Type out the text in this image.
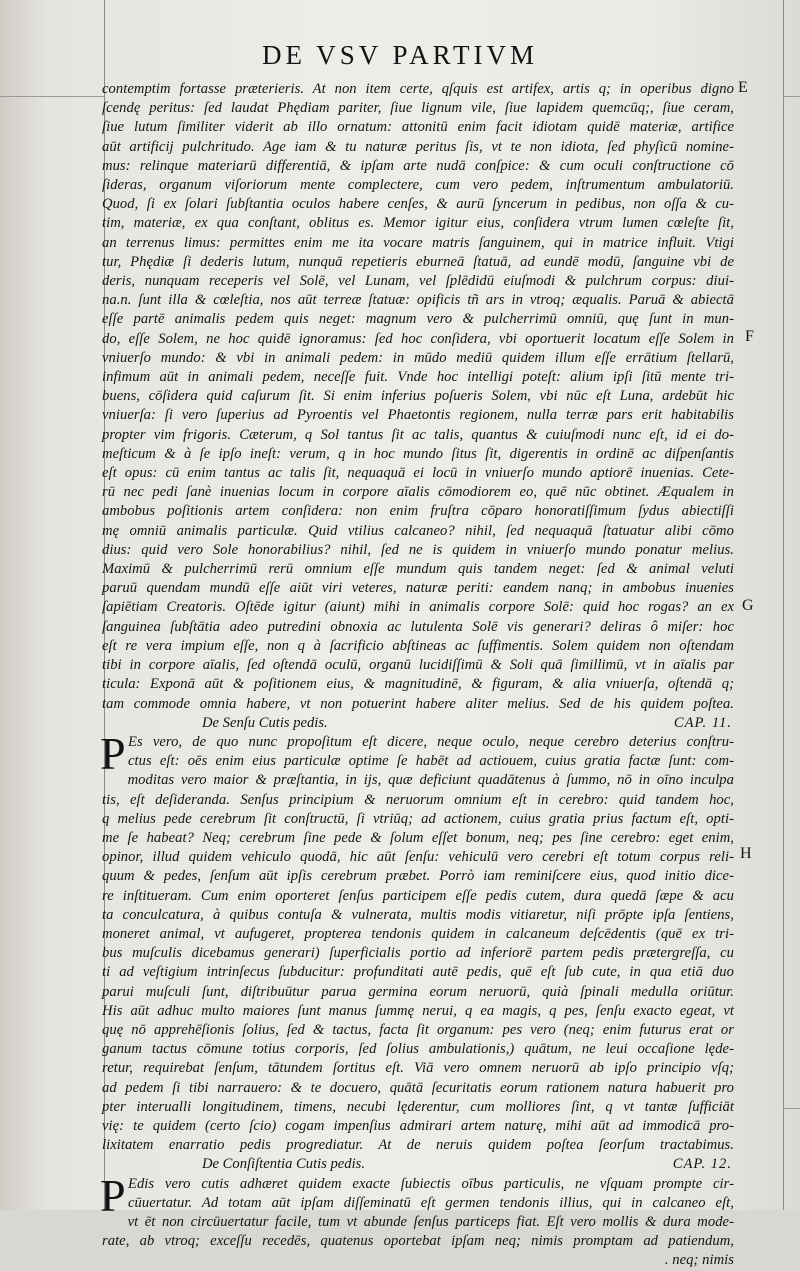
DE VSV PARTIVM
contemptim fortasse præterieris. At non item certe, qſquis est artifex, artis q; in operibus digno
ſcendę peritus: ſed laudat Phędiam pariter, ſiue lignum vile, ſiue lapidem quemcūq;, ſiue ceram,
ſiue lutum ſimiliter viderit ab illo ornatum: attonitū enim facit idiotam quidē materiæ, artifice
aūt artificij pulchritudo. Age iam & tu naturæ peritus ſis, vt te non idiota, ſed phyſicū nomine-
mus: relinque materiarū differentiā, & ipſam arte nudā conſpice: & cum oculi conſtructione cō
ſideras, organum viſoriorum mente complectere, cum vero pedem, inſtrumentum ambulatoriū.
Quod, ſi ex ſolari ſubſtantia oculos habere cenſes, & aurū ſyncerum in pedibus, non oſſa & cu-
tim, materiæ, ex qua conſtant, oblitus es. Memor igitur eius, conſidera vtrum lumen cœleſte ſit,
an terrenus limus: permittes enim me ita vocare matris ſanguinem, qui in matrice influit. Vtigi
tur, Phędiæ ſi dederis lutum, nunquā repetieris eburneā ſtatuā, ad eundē modū, ſanguine vbi de
deris, nunquam receperis vel Solē, vel Lunam, vel ſplēdidū eiuſmodi & pulchrum corpus: diui-
na.n. ſunt illa & cœleſtia, nos aūt terreæ ſtatuæ: opificis tñ ars in vtroq; æqualis. Paruā & abiectā
eſſe partē animalis pedem quis neget: magnum vero & pulcherrimū omniū, quę ſunt in mun-
do, eſſe Solem, ne hoc quidē ignoramus: ſed hoc conſidera, vbi oportuerit locatum eſſe Solem in
vniuerſo mundo: & vbi in animali pedem: in mūdo mediū quidem illum eſſe errātium ſtellarū,
infimum aūt in animali pedem, neceſſe fuit. Vnde hoc intelligi poteſt: alium ipſi ſitū mente tri-
buens, cōſidera quid caſurum ſit. Si enim inferius poſueris Solem, vbi nūc eſt Luna, ardebūt hic
vniuerſa: ſi vero ſuperius ad Pyroentis vel Phaetontis regionem, nulla terræ pars erit habitabilis
propter vim frigoris. Cæterum, q Sol tantus ſit ac talis, quantus & cuiuſmodi nunc eſt, id ei do-
meſticum & à ſe ipſo ineſt: verum, q in hoc mundo ſitus ſit, digerentis in ordinē ac diſpenſantis
eſt opus: cū enim tantus ac talis ſit, nequaquā ei locū in vniuerſo mundo aptiorē inuenias. Cete-
rū nec pedi ſanè inuenias locum in corpore aīalis cōmodiorem eo, quē nūc obtinet. Æqualem in
ambobus poſitionis artem conſidera: non enim fruſtra cōparo honoratiſſimum ſydus abiectiſſi
mę omniū animalis particulæ. Quid vtilius calcaneo? nihil, ſed nequaquā ſtatuatur alibi cōmo
dius: quid vero Sole honorabilius? nihil, ſed ne is quidem in vniuerſo mundo ponatur melius.
Maximū & pulcherrimū rerū omnium eſſe mundum quis tandem neget: ſed & animal veluti
paruū quendam mundū eſſe aiūt viri veteres, naturæ periti: eandem nanq; in ambobus inuenies
ſapiētiam Creatoris. Oſtēde igitur (aiunt) mihi in animalis corpore Solē: quid hoc rogas? an ex
ſanguinea ſubſtātia adeo putredini obnoxia ac lutulenta Solē vis generari? deliras ô miſer: hoc
eſt re vera impium eſſe, non q à ſacrificio abſtineas ac ſuffimentis. Solem quidem non oſtendam
tibi in corpore aīalis, ſed oſtendā oculū, organū lucidiſſimū & Soli quā ſimillimū, vt in aīalis par
ticula: Exponā aūt & poſitionem eius, & magnitudinē, & figuram, & alia vniuerſa, oſtendā q;
tam commode omnia habere, vt non potuerint habere aliter melius. Sed de his quidem poſtea.
De Senſu Cutis pedis.	CAP. 11.
P Es vero, de quo nunc propoſitum eſt dicere, neque oculo, neque cerebro deterius conſtru-
ctus eſt: oēs enim eius particulæ optime ſe habēt ad actiouem, cuius gratia factæ ſunt: com-
moditas vero maior & præſtantia, in ijs, quæ deficiunt quadātenus à ſummo, nō in oīno inculpa
tis, eſt deſideranda. Senſus principium & neruorum omnium eſt in cerebro: quid tandem hoc,
q melius pede cerebrum ſit conſtructū, ſi vtriūq; ad actionem, cuius gratia prius factum eſt, opti-
me ſe habeat? Neq; cerebrum ſine pede & ſolum eſſet bonum, neq; pes ſine cerebro: eget enim,
opinor, illud quidem vehiculo quodā, hic aūt ſenſu: vehiculū vero cerebri eſt totum corpus reli-
quum & pedes, ſenſum aūt ipſis cerebrum præbet. Porrò iam reminiſcere eius, quod initio dice-
re inſtitueram. Cum enim oporteret ſenſus participem eſſe pedis cutem, dura quedā ſæpe & acu
ta conculcatura, à quibus contuſa & vulnerata, multis modis vitiaretur, niſi prōpte ipſa ſentiens,
moneret animal, vt aufugeret, propterea tendonis quidem in calcaneum deſcēdentis (quē ex tri-
bus muſculis dicebamus generari) ſuperficialis portio ad inferiorē partem pedis prætergreſſa, cu
ti ad veſtigium intrinſecus ſubducitur: profunditati autē pedis, quē eſt ſub cute, in qua etiā duo
parui muſculi ſunt, diſtribuūtur parua germina eorum neruorū, quià ſpinali medulla oriūtur.
His aūt adhuc multo maiores ſunt manus ſummę nerui, q ea magis, q pes, ſenſu exacto egeat, vt
quę nō apprehēſionis ſolius, ſed & tactus, facta ſit organum: pes vero (neq; enim futurus erat or
ganum tactus cōmune totius corporis, ſed ſolius ambulationis,) quātum, ne leui occaſione lęde-
retur, requirebat ſenſum, tātundem ſortitus eſt. Viā vero omnem neruorū ab ipſo principio vſq;
ad pedem ſi tibi narrauero: & te docuero, quātā ſecuritatis eorum rationem natura habuerit pro
pter interualli longitudinem, timens, necubi lęderentur, cum molliores ſint, q vt tantæ ſufficiāt
vię: te quidem (certo ſcio) cogam impenſius admirari artem naturę, mihi aūt ad immodicā pro-
lixitatem enarratio pedis progrediatur. At de neruis quidem poſtea ſeorſum tractabimus.
De Conſiſtentia Cutis pedis.	CAP. 12.
P Edis vero cutis adhæret quidem exacte ſubiectis oībus particulis, ne vſquam prompte cir-
cūuertatur. Ad totam aūt ipſam diſſeminatū eſt germen tendonis illius, qui in calcaneo eſt,
vt ēt non circūuertatur facile, tum vt abunde ſenſus particeps fiat. Eſt vero mollis & dura mode-
rate, ab vtroq; exceſſu recedēs, quatenus oportebat ipſam neq; nimis promptam ad patiendum,
. neq; nimis
E
F
G
H
